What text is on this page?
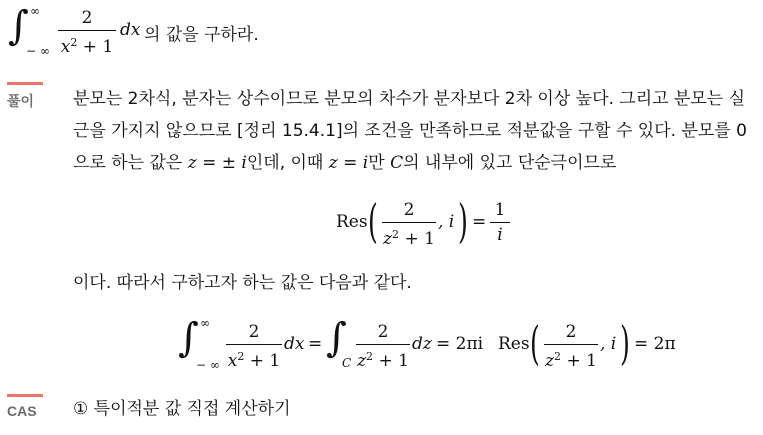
∫ ∞
− ∞
2
$x^2 + 1$
dx 의 값을 구하라.
풀이	분모는 2차식, 분자는 상수이므로 분모의 차수가 분자보다 2차 이상 높다. 그리고 분모는 실
근을 가지지 않으므로 [정리 15.4.1]의 조건을 만족하므로 적분값을 구할 수 있다. 분모를 0
으로 하는 값은 z = ± i인데, 이때 z = i만 C의 내부에 있고 단순극이므로
Res (	2
$z^2 + 1$
, i ) =
1
i
이다. 따라서 구하고자 하는 값은 다음과 같다.
∫ ∞
− ∞
2
$x^2 + 1$
dx = ∫
C
2
$z^2 + 1$
dz = 2πi Res (	2
$z^2 + 1$
, i ) = 2π
CAS	① 특이적분 값 직접 계산하기
